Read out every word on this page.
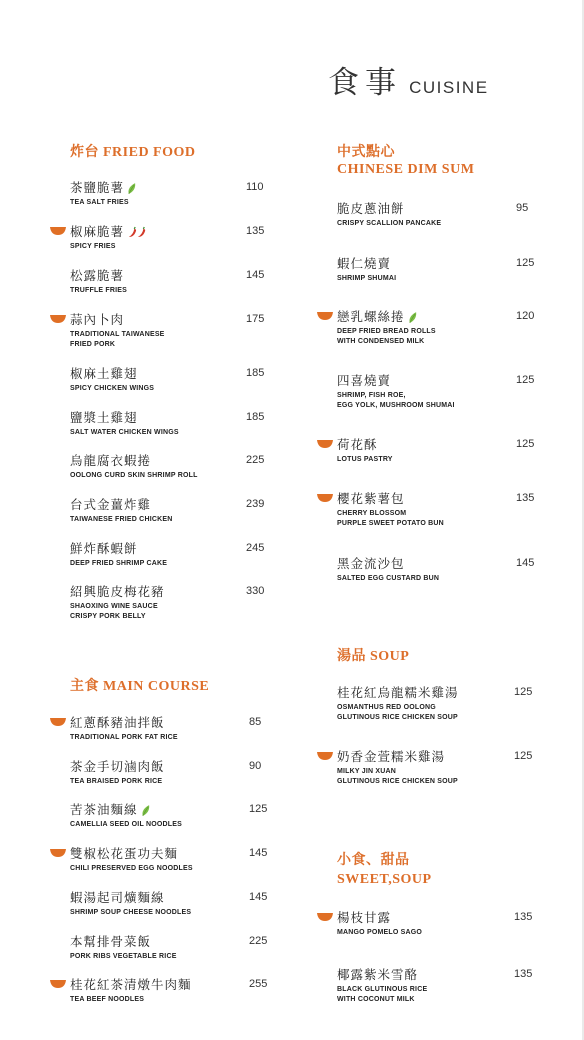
食事 CUISINE
炸台 FRIED FOOD
主食 MAIN COURSE
中式點心
CHINESE DIM SUM
湯品 SOUP
小食、甜品
SWEET,SOUP
茶鹽脆薯
TEA SALT FRIES
110
椒麻脆薯
SPICY FRIES
135
松露脆薯
TRUFFLE FRIES
145
蒜內卜肉
TRADITIONAL TAIWANESE
FRIED PORK
175
椒麻土雞翅
SPICY CHICKEN WINGS
185
鹽漿土雞翅
SALT WATER CHICKEN WINGS
185
烏龍腐衣蝦捲
OOLONG CURD SKIN SHRIMP ROLL
225
台式金薑炸雞
TAIWANESE FRIED CHICKEN
239
鮮炸酥蝦餅
DEEP FRIED SHRIMP CAKE
245
紹興脆皮梅花豬
SHAOXING WINE SAUCE
CRISPY PORK BELLY
330
紅蔥酥豬油拌飯
TRADITIONAL PORK FAT RICE
85
茶金手切滷肉飯
TEA BRAISED PORK RICE
90
苦茶油麵線
CAMELLIA SEED OIL NOODLES
125
雙椒松花蛋功夫麵
CHILI PRESERVED EGG NOODLES
145
蝦湯起司爌麵線
SHRIMP SOUP CHEESE NOODLES
145
本幫排骨菜飯
PORK RIBS VEGETABLE RICE
225
桂花紅茶清燉牛肉麵
TEA BEEF NOODLES
255
脆皮蔥油餅
CRISPY SCALLION PANCAKE
95
蝦仁燒賣
SHRIMP SHUMAI
125
戀乳螺絲捲
DEEP FRIED BREAD ROLLS
WITH CONDENSED MILK
120
四喜燒賣
SHRIMP, FISH ROE,
EGG YOLK, MUSHROOM SHUMAI
125
荷花酥
LOTUS PASTRY
125
櫻花紫薯包
CHERRY BLOSSOM
PURPLE SWEET POTATO BUN
135
黑金流沙包
SALTED EGG CUSTARD BUN
145
桂花紅烏龍糯米雞湯
OSMANTHUS RED OOLONG
GLUTINOUS RICE CHICKEN SOUP
125
奶香金萱糯米雞湯
MILKY JIN XUAN
GLUTINOUS RICE CHICKEN SOUP
125
楊枝甘露
MANGO POMELO SAGO
135
椰露紫米雪酪
BLACK GLUTINOUS RICE
WITH COCONUT MILK
135
